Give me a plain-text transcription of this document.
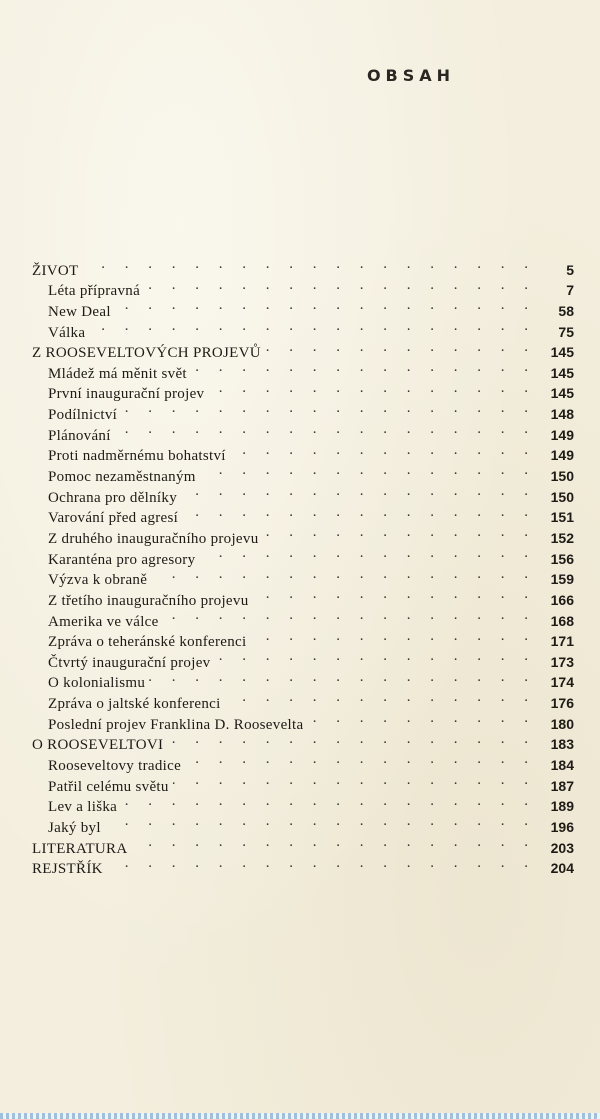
OBSAH
ŽIVOT . . .	5
Léta přípravná . . .	7
New Deal . . .	58
Válka . . .	75
Z ROOSEVELTOVÝCH PROJEVŮ . . .	145
Mládež má měnit svět . . .	145
První inaugurační projev . . .	145
Podílnictví . . .	148
Plánování . . .	149
Proti nadměrnému bohatství . . .	149
Pomoc nezaměstnaným . . .	150
Ochrana pro dělníky . . .	150
Varování před agresí . . .	151
Z druhého inauguračního projevu . . .	152
Karanténa pro agresory . . .	156
Výzva k obraně . . .	159
Z třetího inauguračního projevu . . .	166
Amerika ve válce . . .	168
Zpráva o teheránské konferenci . . .	171
Čtvrtý inaugurační projev . . .	173
O kolonialismu . . .	174
Zpráva o jaltské konferenci . . .	176
Poslední projev Franklina D. Roosevelta . . .	180
O ROOSEVELTOVI . . .	183
Rooseveltovy tradice . . .	184
Patřil celému světu . . .	187
Lev a liška . . .	189
Jaký byl . . .	196
LITERATURA . . .	203
REJSTŘÍK . . .	204
